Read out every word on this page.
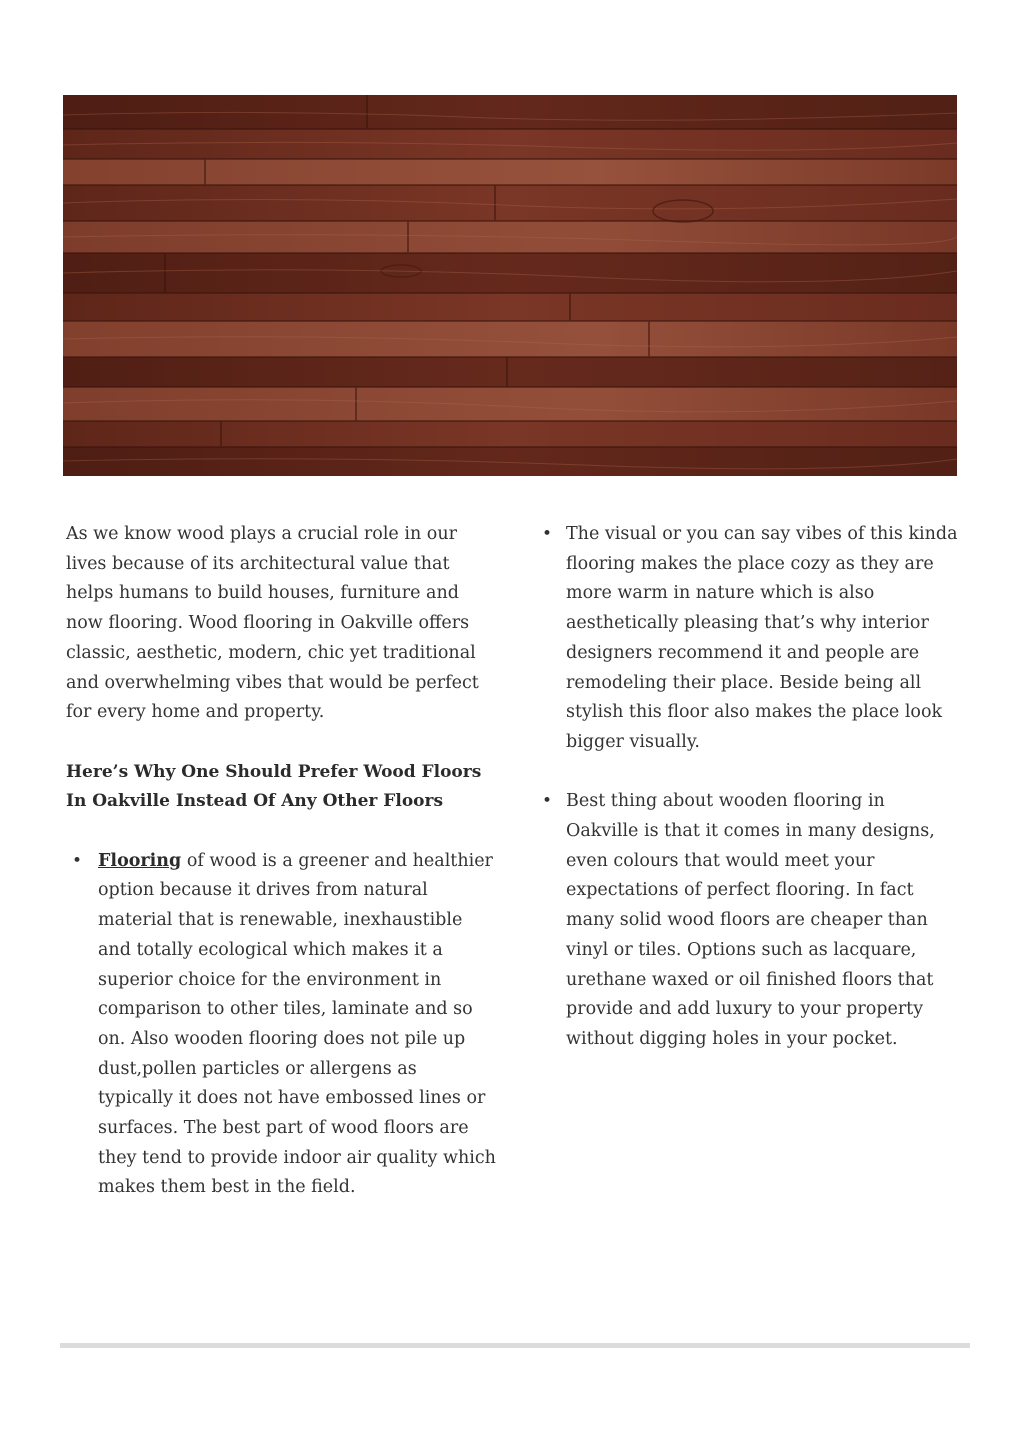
As we know wood plays a crucial role in our lives because of its architectural value that helps humans to build houses, furniture and now flooring. Wood flooring in Oakville offers classic, aesthetic, modern, chic yet traditional and overwhelming vibes that would be perfect for every home and property.

Here’s Why One Should Prefer Wood Floors In Oakville Instead Of Any Other Floors

• Flooring of wood is a greener and healthier option because it drives from natural material that is renewable, inexhaustible and totally ecological which makes it a superior choice for the environment in comparison to other tiles, laminate and so on. Also wooden flooring does not pile up dust,pollen particles or allergens as typically it does not have embossed lines or surfaces. The best part of wood floors are they tend to provide indoor air quality which makes them best in the field.
• The visual or you can say vibes of this kinda flooring makes the place cozy as they are more warm in nature which is also aesthetically pleasing that’s why interior designers recommend it and people are remodeling their place. Beside being all stylish this floor also makes the place look bigger visually.
• Best thing about wooden flooring in Oakville is that it comes in many designs, even colours that would meet your expectations of perfect flooring. In fact many solid wood floors are cheaper than vinyl or tiles. Options such as lacquare, urethane waxed or oil finished floors that provide and add luxury to your property without digging holes in your pocket.
